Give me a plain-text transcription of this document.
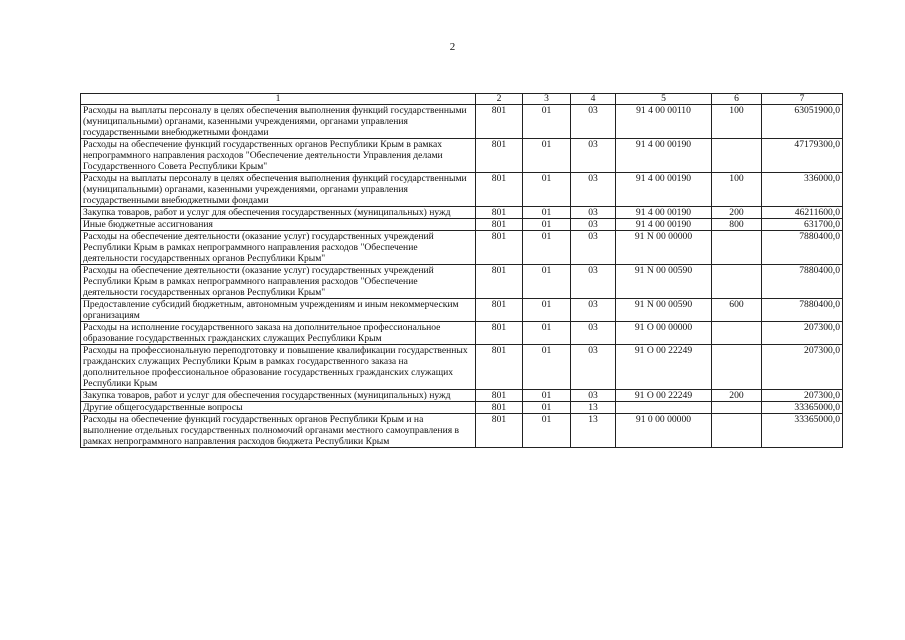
2
1	2	3	4	5	6	7
Расходы на выплаты персоналу в целях обеспечения выполнения функций государственными (муниципальными) органами, казенными учреждениями, органами управления государственными внебюджетными фондами	801	01	03	91 4 00 00110	100	63051900,0
Расходы на обеспечение функций государственных органов Республики Крым в рамках непрограммного направления расходов "Обеспечение деятельности Управления делами Государственного Совета Республики Крым"	801	01	03	91 4 00 00190		47179300,0
Расходы на выплаты персоналу в целях обеспечения выполнения функций государственными (муниципальными) органами, казенными учреждениями, органами управления государственными внебюджетными фондами	801	01	03	91 4 00 00190	100	336000,0
Закупка товаров, работ и услуг для обеспечения государственных (муниципальных) нужд	801	01	03	91 4 00 00190	200	46211600,0
Иные бюджетные ассигнования	801	01	03	91 4 00 00190	800	631700,0
Расходы на обеспечение деятельности (оказание услуг) государственных учреждений Республики Крым в рамках непрограммного направления расходов "Обеспечение деятельности государственных органов Республики Крым"	801	01	03	91 N 00 00000		7880400,0
Расходы на обеспечение деятельности (оказание услуг) государственных учреждений Республики Крым в рамках непрограммного направления расходов "Обеспечение деятельности государственных органов Республики Крым"	801	01	03	91 N 00 00590		7880400,0
Предоставление субсидий бюджетным, автономным учреждениям и иным некоммерческим организациям	801	01	03	91 N 00 00590	600	7880400,0
Расходы на исполнение государственного заказа на дополнительное профессиональное образование государственных гражданских служащих Республики Крым	801	01	03	91 О 00 00000		207300,0
Расходы на профессиональную переподготовку и повышение квалификации государственных гражданских служащих Республики Крым в рамках государственного заказа на дополнительное профессиональное образование государственных гражданских служащих Республики Крым	801	01	03	91 О 00 22249		207300,0
Закупка товаров, работ и услуг для обеспечения государственных (муниципальных) нужд	801	01	03	91 О 00 22249	200	207300,0
Другие общегосударственные вопросы	801	01	13			33365000,0
Расходы на обеспечение функций государственных органов Республики Крым и на выполнение отдельных государственных полномочий органами местного самоуправления в рамках непрограммного направления расходов бюджета Республики Крым	801	01	13	91 0 00 00000		33365000,0
